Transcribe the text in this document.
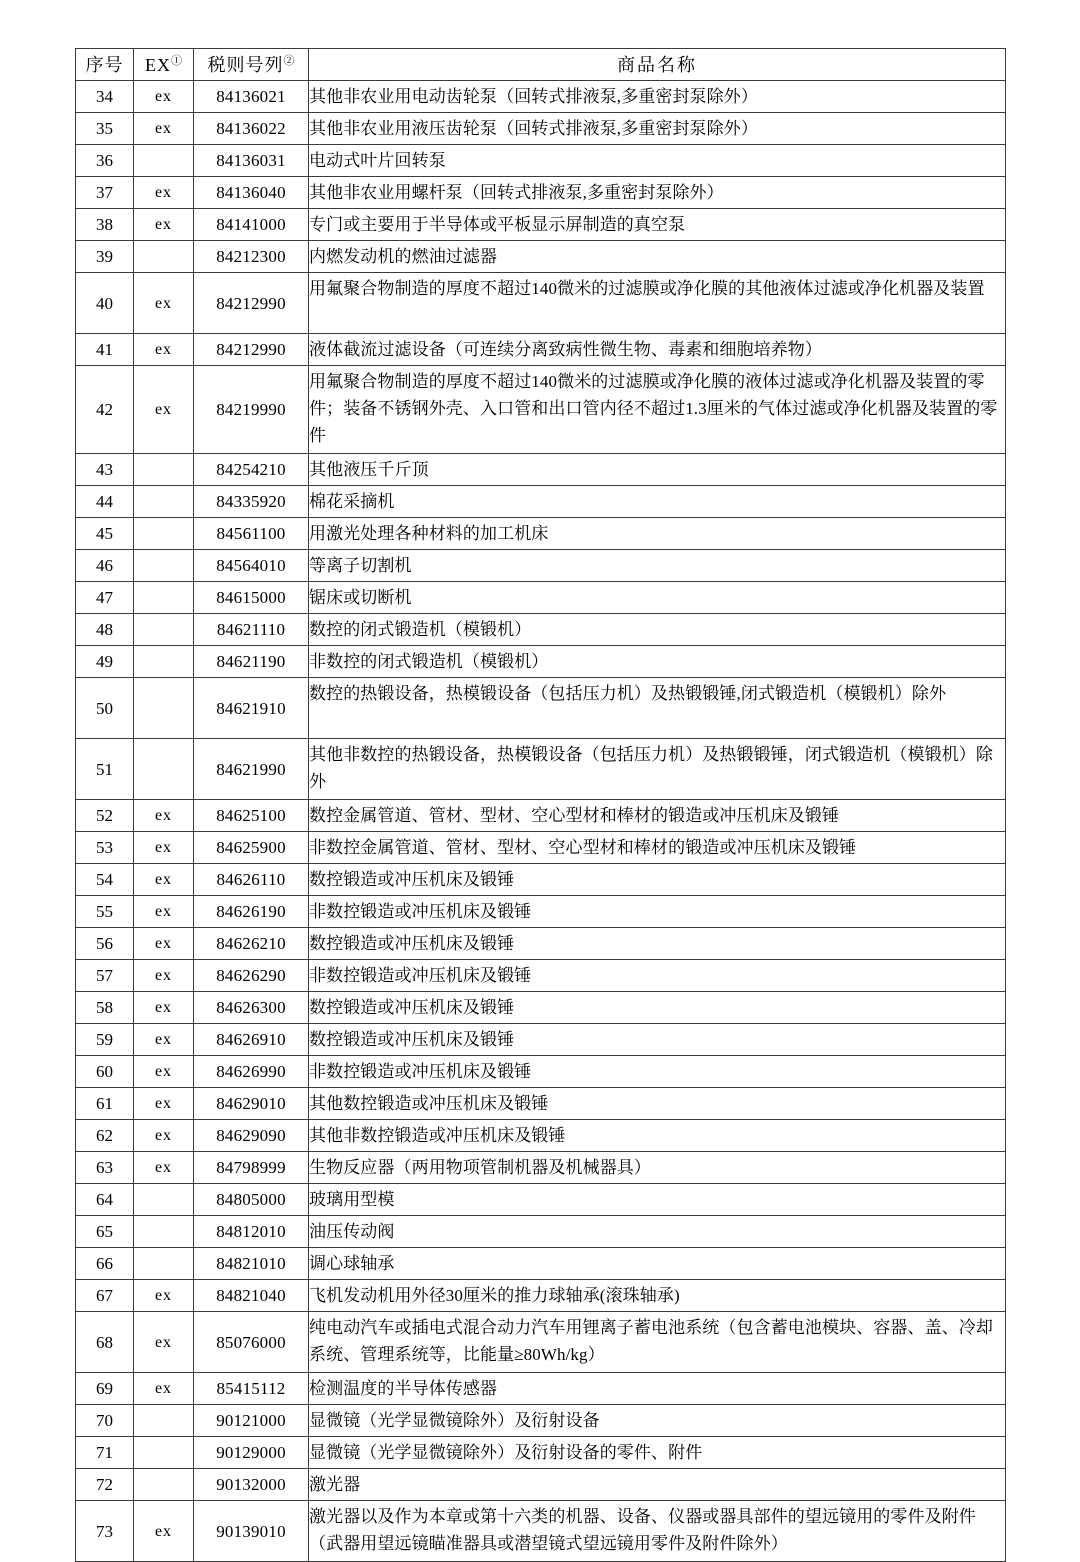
序号	EX①	税则号列②	商品名称
34	ex	84136021	其他非农业用电动齿轮泵（回转式排液泵,多重密封泵除外）
35	ex	84136022	其他非农业用液压齿轮泵（回转式排液泵,多重密封泵除外）
36		84136031	电动式叶片回转泵
37	ex	84136040	其他非农业用螺杆泵（回转式排液泵,多重密封泵除外）
38	ex	84141000	专门或主要用于半导体或平板显示屏制造的真空泵
39		84212300	内燃发动机的燃油过滤器
40	ex	84212990	用氟聚合物制造的厚度不超过140微米的过滤膜或净化膜的其他液体过滤或净化机器及装置
41	ex	84212990	液体截流过滤设备（可连续分离致病性微生物、毒素和细胞培养物）
42	ex	84219990	用氟聚合物制造的厚度不超过140微米的过滤膜或净化膜的液体过滤或净化机器及装置的零件；装备不锈钢外壳、入口管和出口管内径不超过1.3厘米的气体过滤或净化机器及装置的零件
43		84254210	其他液压千斤顶
44		84335920	棉花采摘机
45		84561100	用激光处理各种材料的加工机床
46		84564010	等离子切割机
47		84615000	锯床或切断机
48		84621110	数控的闭式锻造机（模锻机）
49		84621190	非数控的闭式锻造机（模锻机）
50		84621910	数控的热锻设备，热模锻设备（包括压力机）及热锻锻锤,闭式锻造机（模锻机）除外
51		84621990	其他非数控的热锻设备，热模锻设备（包括压力机）及热锻锻锤，闭式锻造机（模锻机）除外
52	ex	84625100	数控金属管道、管材、型材、空心型材和棒材的锻造或冲压机床及锻锤
53	ex	84625900	非数控金属管道、管材、型材、空心型材和棒材的锻造或冲压机床及锻锤
54	ex	84626110	数控锻造或冲压机床及锻锤
55	ex	84626190	非数控锻造或冲压机床及锻锤
56	ex	84626210	数控锻造或冲压机床及锻锤
57	ex	84626290	非数控锻造或冲压机床及锻锤
58	ex	84626300	数控锻造或冲压机床及锻锤
59	ex	84626910	数控锻造或冲压机床及锻锤
60	ex	84626990	非数控锻造或冲压机床及锻锤
61	ex	84629010	其他数控锻造或冲压机床及锻锤
62	ex	84629090	其他非数控锻造或冲压机床及锻锤
63	ex	84798999	生物反应器（两用物项管制机器及机械器具）
64		84805000	玻璃用型模
65		84812010	油压传动阀
66		84821010	调心球轴承
67	ex	84821040	飞机发动机用外径30厘米的推力球轴承(滚珠轴承)
68	ex	85076000	纯电动汽车或插电式混合动力汽车用锂离子蓄电池系统（包含蓄电池模块、容器、盖、冷却系统、管理系统等，比能量≥80Wh/kg）
69	ex	85415112	检测温度的半导体传感器
70		90121000	显微镜（光学显微镜除外）及衍射设备
71		90129000	显微镜（光学显微镜除外）及衍射设备的零件、附件
72		90132000	激光器
73	ex	90139010	激光器以及作为本章或第十六类的机器、设备、仪器或器具部件的望远镜用的零件及附件（武器用望远镜瞄准器具或潜望镜式望远镜用零件及附件除外）
